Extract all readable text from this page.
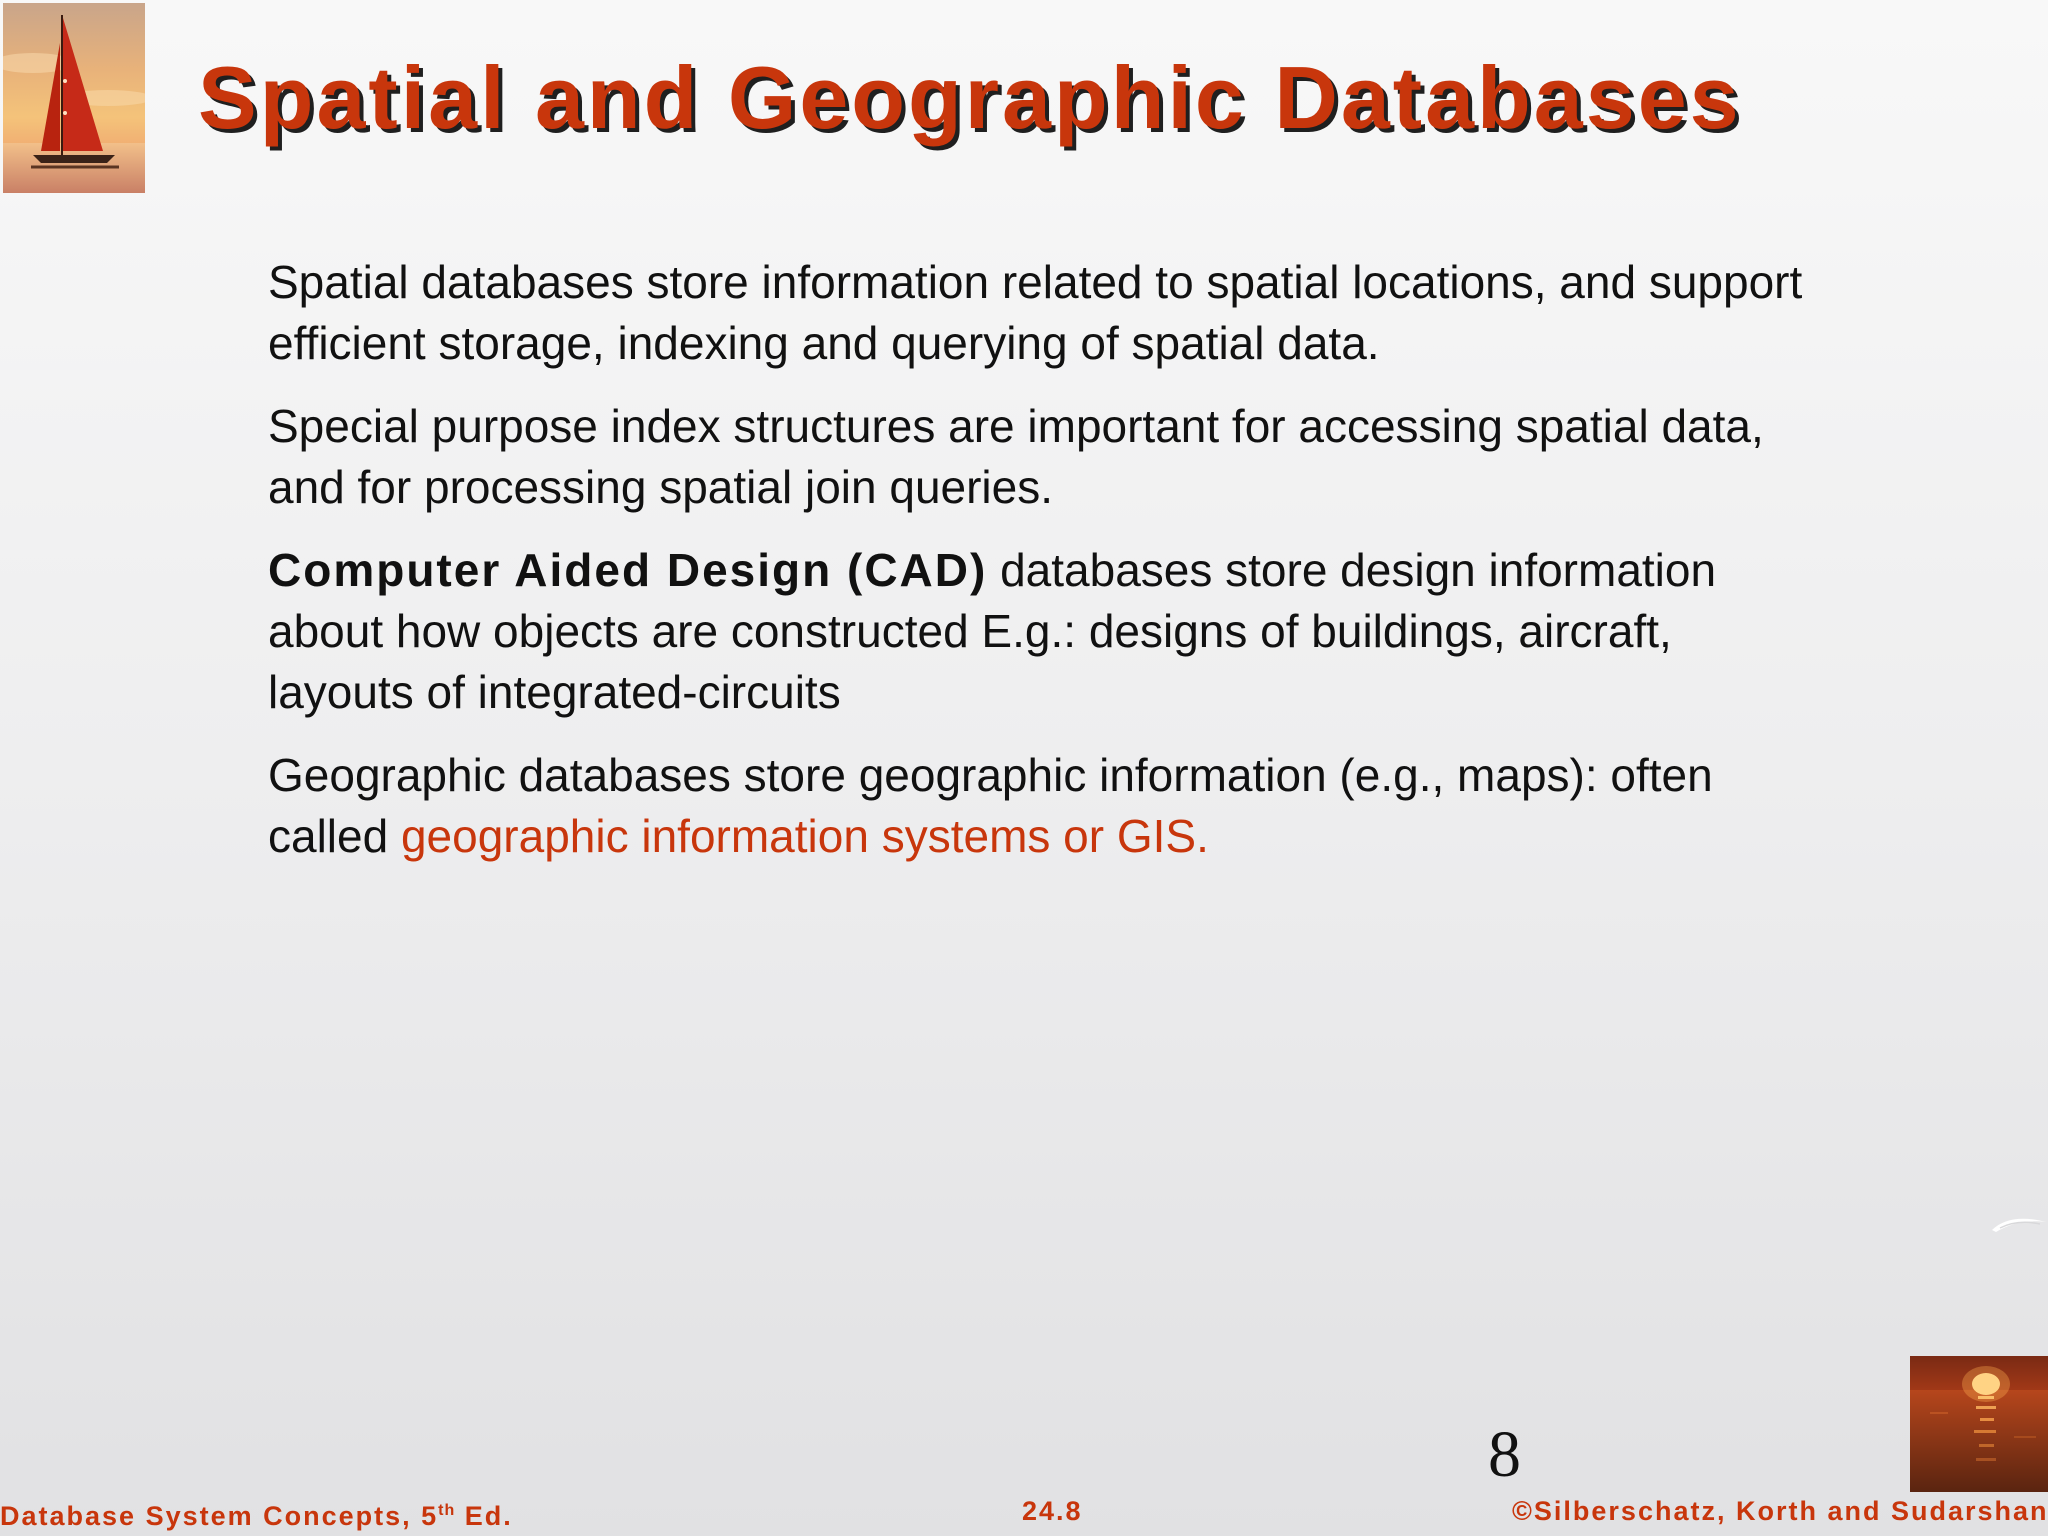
Spatial and Geographic Databases

Spatial databases store information related to spatial locations, and support efficient storage, indexing and querying of spatial data.

Special purpose index structures are important for accessing spatial data, and for processing spatial join queries.

Computer Aided Design (CAD) databases store design information about how objects are constructed E.g.: designs of buildings, aircraft, layouts of integrated-circuits

Geographic databases store geographic information (e.g., maps): often called geographic information systems or GIS.

8
Database System Concepts, 5th Ed.	24.8	©Silberschatz, Korth and Sudarshan
